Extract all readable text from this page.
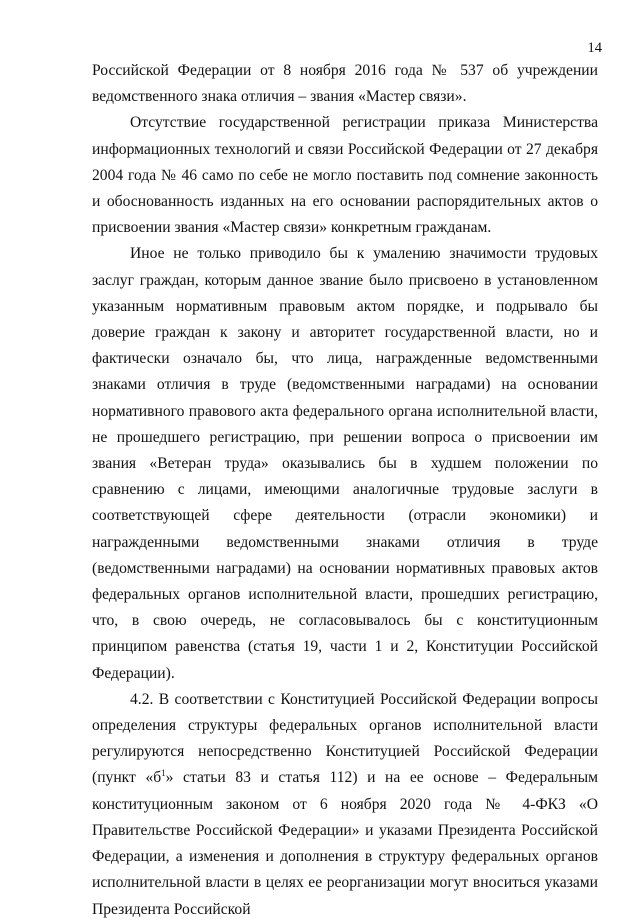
14

Российской Федерации от 8 ноября 2016 года № 537 об учреждении ведомственного знака отличия – звания «Мастер связи».

Отсутствие государственной регистрации приказа Министерства информационных технологий и связи Российской Федерации от 27 декабря 2004 года № 46 само по себе не могло поставить под сомнение законность и обоснованность изданных на его основании распорядительных актов о присвоении звания «Мастер связи» конкретным гражданам.

Иное не только приводило бы к умалению значимости трудовых заслуг граждан, которым данное звание было присвоено в установленном указанным нормативным правовым актом порядке, и подрывало бы доверие граждан к закону и авторитет государственной власти, но и фактически означало бы, что лица, награжденные ведомственными знаками отличия в труде (ведомственными наградами) на основании нормативного правового акта федерального органа исполнительной власти, не прошедшего регистрацию, при решении вопроса о присвоении им звания «Ветеран труда» оказывались бы в худшем положении по сравнению с лицами, имеющими аналогичные трудовые заслуги в соответствующей сфере деятельности (отрасли экономики) и награжденными ведомственными знаками отличия в труде (ведомственными наградами) на основании нормативных правовых актов федеральных органов исполнительной власти, прошедших регистрацию, что, в свою очередь, не согласовывалось бы с конституционным принципом равенства (статья 19, части 1 и 2, Конституции Российской Федерации).

4.2. В соответствии с Конституцией Российской Федерации вопросы определения структуры федеральных органов исполнительной власти регулируются непосредственно Конституцией Российской Федерации (пункт «$б^1$» статьи 83 и статья 112) и на ее основе – Федеральным конституционным законом от 6 ноября 2020 года № 4-ФКЗ «О Правительстве Российской Федерации» и указами Президента Российской Федерации, а изменения и дополнения в структуру федеральных органов исполнительной власти в целях ее реорганизации могут вноситься указами Президента Российской
